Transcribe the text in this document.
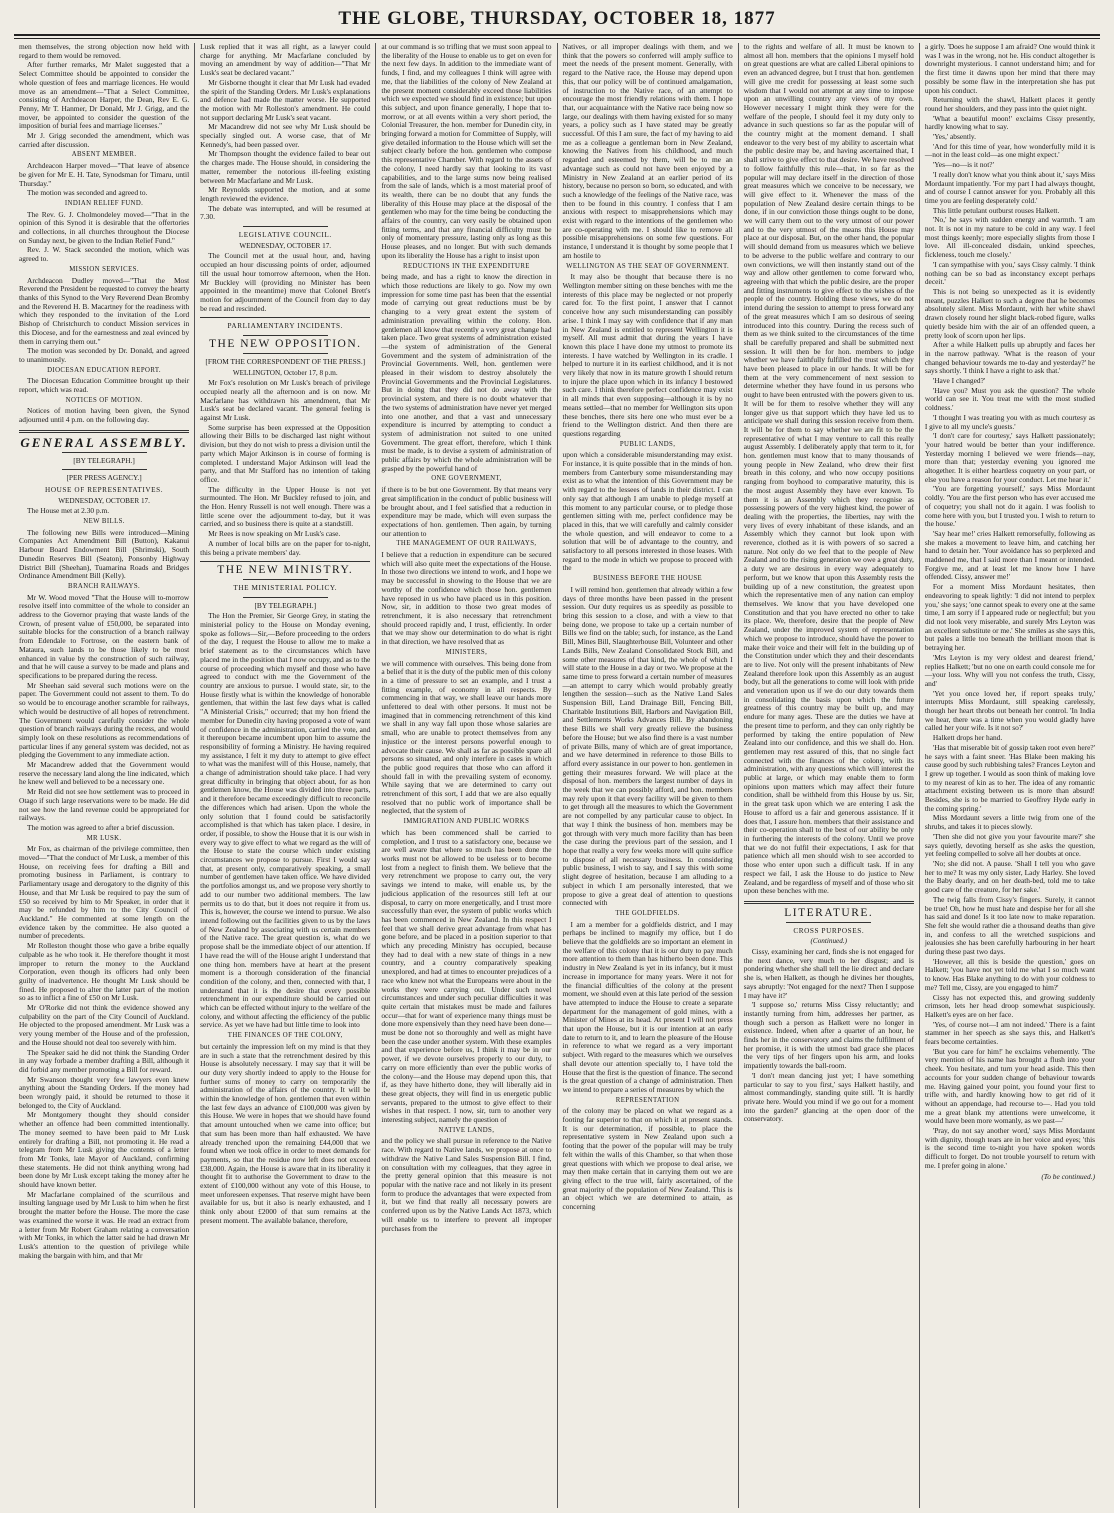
THE GLOBE, THURSDAY, OCTOBER 18, 1877

men themselves, the strong objection now held with regard to them would be removed.

After further remarks, Mr Malet suggested that a Select Committee should be appointed to consider the whole question of fees and marriage licences. He would move as an amendment—"That a Select Committee, consisting of Archdeacon Harper, the Dean, Rev E. G. Penny, Mr T. Hanmer, Dr Donald, Mr J. Grigg, and the mover, be appointed to consider the question of the imposition of burial fees and marriage licenses."

Mr J. Grigg seconded the amendment, which was carried after discussion.

ABSENT MEMBER.

Archdeacon Harper moved—"That leave of absence be given for Mr E. H. Tate, Synodsman for Timaru, until Thursday."

The motion was seconded and agreed to.

INDIAN RELIEF FUND.

The Rev. G. J. Cholmondeley moved—"That in the opinion of this Synod it is desirable that the offertories and collections, in all churches throughout the Diocese on Sunday next, be given to the Indian Relief Fund."

Rev. J. W. Stack seconded the motion, which was agreed to.

MISSION SERVICES.

Archdeacon Dudley moved—"That the Most Reverend the President be requested to convey the hearty thanks of this Synod to the Very Reverend Dean Bromby and the Reverend H. B. Macartney for the readiness with which they responded to the invitation of the Lord Bishop of Christchurch to conduct Mission services in this Diocese, and for the earnestness and zeal evinced by them in carrying them out."

The motion was seconded by Dr. Donald, and agreed to unanimously.

DIOCESAN EDUCATION REPORT.

The Diocesan Education Committee brought up their report, which was read.

NOTICES OF MOTION.

Notices of motion having been given, the Synod adjourned until 4 p.m. on the following day.

GENERAL ASSEMBLY.
[BY TELEGRAPH.]
[PER PRESS AGENCY.]
HOUSE OF REPRESENTATIVES.
WEDNESDAY, OCTOBER 17.

The House met at 2.30 p.m.

NEW BILLS.

The following new Bills were introduced—Mining Companies Act Amendment Bill (Button), Kakanui Harbour Board Endowment Bill (Shrimski), South Dunedin Reserves Bill (Seaton), Ponsonby Highway District Bill (Sheehan), Tuamarina Roads and Bridges Ordinance Amendment Bill (Kelly).

BRANCH RAILWAYS.

Mr W. Wood moved "That the House will to-morrow resolve itself into committee of the whole to consider an address to the Governor praying that waste lands of the Crown, of present value of £50,000, be separated into suitable blocks for the construction of a branch railway from Edendale to Fortrose, on the eastern bank of Mataura, such lands to be those likely to be most enhanced in value by the construction of such railway, and that he will cause a survey to be made and plans and specifications to be prepared during the recess.

Mr Sheehan said several such motions were on the paper. The Government could not assent to them. To do so would be to encourage another scramble for railways, which would be destructive of all hopes of retrenchment. The Government would carefully consider the whole question of branch railways during the recess, and would simply look on these resolutions as recommendations of particular lines if any general system was decided, not as pledging the Government to any immediate action.

Mr Macandrew added that the Government would reserve the necessary land along the line indicated, which he knew well and believed to be a necessary one.

Mr Reid did not see how settlement was to proceed in Otago if such large reservations were to be made. He did not see how the land revenue could be appropriated for railways.

The motion was agreed to after a brief discussion.

MR LUSK.

Mr Fox, as chairman of the privilege committee, then moved—"That the conduct of Mr Lusk, a member of this House, on receiving fees for drafting a Bill and promoting business in Parliament, is contrary to Parliamentary usage and derogatory to the dignity of this House, and that Mr Lusk be required to pay the sum of £50 so received by him to Mr Speaker, in order that it may be refunded by him to the City Council of Auckland." He commented at some length on the evidence taken by the committee. He also quoted a number of precedents.

Mr Rolleston thought those who gave a bribe equally culpable as he who took it. He therefore thought it most improper to return the money to the Auckland Corporation, even though its officers had only been guilty of inadvertence. He thought Mr Lusk should be fined. He proposed to alter the latter part of the motion so as to inflict a fine of £50 on Mr Lusk.

Mr O'Rorke did not think the evidence showed any culpability on the part of the City Council of Auckland. He objected to the proposed amendment. Mr Lusk was a very young member of the House and of the profession, and the House should not deal too severely with him.

The Speaker said he did not think the Standing Order in any way forbade a member drafting a Bill, although it did forbid any member promoting a Bill for reward.

Mr Swanson thought very few lawyers even knew anything about the Standing Orders. If the money had been wrongly paid, it should be returned to those it belonged to, the City of Auckland.

Mr Montgomery thought they should consider whether an offence had been committed intentionally. The money seemed to have been paid to Mr Lusk entirely for drafting a Bill, not promoting it. He read a telegram from Mr Lusk giving the contents of a letter from Mr Tonks, late Mayor of Auckland, confirming these statements. He did not think anything wrong had been done by Mr Lusk except taking the money after he should have known better.

Mr Macfarlane complained of the scurrilous and insulting language used by Mr Lusk to him when he first brought the matter before the House. The more the case was examined the worse it was. He read an extract from a letter from Mr Robert Graham relating a conversation with Mr Tonks, in which the latter said he had drawn Mr Lusk's attention to the question of privilege while making the bargain with him, and that Mr

Lusk replied that it was all right, as a lawyer could charge for anything. Mr Macfarlane concluded by moving an amendment by way of addition—"That Mr Lusk's seat be declared vacant."

Mr Gisborne thought it clear that Mr Lusk had evaded the spirit of the Standing Orders. Mr Lusk's explanations and defence had made the matter worse. He supported the motion with Mr Rolleston's amendment. He could not support declaring Mr Lusk's seat vacant.

Mr Macandrew did not see why Mr Lusk should be specially singled out. A worse case, that of Mr Kennedy's, had been passed over.

Mr Thompson thought the evidence failed to bear out the charges made. The House should, in considering the matter, remember the notorious ill-feeling existing between Mr Macfarlane and Mr Lusk.

Mr Reynolds supported the motion, and at some length reviewed the evidence.

The debate was interrupted, and will be resumed at 7.30.

LEGISLATIVE COUNCIL.
WEDNESDAY, OCTOBER 17.

The Council met at the usual hour, and, having occupied an hour discussing points of order, adjourned till the usual hour tomorrow afternoon, when the Hon. Mr Buckley will (providing no Minister has been appointed in the meantime) move that Colonel Brett's motion for adjournment of the Council from day to day be read and rescinded.

PARLIAMENTARY INCIDENTS.
THE NEW OPPOSITION.
[FROM THE CORRESPONDENT OF THE PRESS.]
WELLINGTON, October 17, 8 p.m.

Mr Fox's resolution on Mr Lusk's breach of privilege occupied nearly all the afternoon and is on now. Mr Macfarlane has withdrawn his amendment, that Mr Lusk's seat be declared vacant. The general feeling is against Mr Lusk.

Some surprise has been expressed at the Opposition allowing their Bills to be discharged last night without division, but they do not wish to press a division until the party which Major Atkinson is in course of forming is completed. I understand Major Atkinson will lead the party, and that Mr Stafford has no intention of taking office.

The difficulty in the Upper House is not yet surmounted. The Hon. Mr Buckley refused to join, and the Hon. Henry Russell is not well enough. There was a little scene over the adjournment to-day, but it was carried, and so business there is quite at a standstill.

Mr Rees is now speaking on Mr Lusk's case.

A number of local bills are on the paper for to-night, this being a private members' day.

THE NEW MINISTRY.
THE MINISTERIAL POLICY.
[BY TELEGRAPH.]

The Hon the Premier, Sir George Grey, in stating the ministerial policy to the House on Monday evening, spoke as follows—Sir,—Before proceeding to the orders of the day, I request the House to allow me to make a brief statement as to the circumstances which have placed me in the position that I now occupy, and as to the course of proceeding which myself and those who have agreed to conduct with me the Government of the country are anxious to pursue. I would state, sir, to the House firstly what is within the knowledge of honorable gentlemen, that within the last few days what is called "A Ministerial Crisis," occurred; that my hon friend the member for Dunedin city having proposed a vote of want of confidence in the administration, carried the vote, and it thereupon became incumbent upon him to assume the responsibility of forming a Ministry. He having required my assistance, I felt it my duty to attempt to give effect to what was the manifest will of this House, namely, that a change of administration should take place. I had very great difficulty in bringing that object about, for as hon gentlemen know, the House was divided into three parts, and it therefore became exceedingly difficult to reconcile the differences which had arisen. Upon the whole the only solution that I found could be satisfactorily accomplished is that which has taken place. I desire, in order, if possible, to show the House that it is our wish in every way to give effect to what we regard as the will of the House to state the course which under existing circumstances we propose to pursue. First I would say that, at present only, comparatively speaking, a small number of gentlemen have taken office. We have divided the portfolios amongst us, and we propose very shortly to add to our number two additional members. The law permits us to do that, but it does not require it from us. This is, however, the course we intend to pursue. We also intend following out the facilities given to us by the laws of New Zealand by associating with us certain members of the Native race. The great question is, what do we propose shall be the immediate object of our attention. If I have read the will of the House aright I understand that one thing hon. members have at heart at the present moment is a thorough consideration of the financial condition of the colony, and then, connected with that, I understand that it is the desire that every possible retrenchment in our expenditure should be carried out which can be effected without injury to the welfare of the colony, and without affecting the efficiency of the public service. As yet we have had but little time to look into

THE FINANCES OF THE COLONY,

but certainly the impression left on my mind is that they are in such a state that the retrenchment desired by this House is absolutely necessary. I may say that it will be our duty very shortly indeed to apply to the House for further sums of money to carry on temporarily the administration of the affairs of the country. It will be within the knowledge of hon. gentlemen that even within the last few days an advance of £100,000 was given by this House. We were in hopes that we should have found that amount untouched when we came into office; but that sum has been more than half exhausted. We have already trenched upon the remaining £44,000 that we found when we took office in order to meet demands for payments, so that the residue now left does not exceed £38,000. Again, the House is aware that in its liberality it thought fit to authorise the Government to draw to the extent of £100,000 without any vote of this House, to meet unforeseen expenses. That reserve might have been available for us, but it also is nearly exhausted, and I think only about £2000 of that sum remains at the present moment. The available balance, therefore,

at our command is so trifling that we must soon appeal to the liberality of the House to enable us to get on even for the next few days. In addition to the immediate want of funds, I find, and my colleagues I think will agree with me, that the liabilities of the colony of New Zealand at the present moment considerably exceed those liabilities which we expected we should find in existence; but upon this subject, and upon finance generally, I hope that to-morrow, or at all events within a very short period, the Colonial Treasurer, the hon. member for Dunedin city, in bringing forward a motion for Committee of Supply, will give detailed information to the House which will set the subject clearly before the hon. gentlemen who compose this representative Chamber. With regard to the assets of the colony, I need hardly say that looking to its vast capabilities, and to the large sums now being realised from the sale of lands, which is a most material proof of its wealth, there can be no doubt that any funds the liberality of this House may place at the disposal of the gentlemen who may for the time being be conducting the affairs of the country, can very easily be obtained upon fitting terms, and that any financial difficulty must be only of momentary pressure, lasting only as long as this House pleases, and no longer. But with such demands upon its liberality the House has a right to insist upon

REDUCTIONS IN THE EXPENDITURE

being made, and has a right to know the direction in which those reductions are likely to go. Now my own impression for some time past has been that the essential mode of carrying out great reductions must be by changing to a very great extent the system of administration prevailing within the colony. Hon. gentlemen all know that recently a very great change had taken place. Two great systems of administration existed—the system of administration of the General Government and the system of administration of the Provincial Governments. Well, hon. gentlemen were pleased in their wisdom to destroy absolutely the Provincial Governments and the Provincial Legislatures. But in doing that they did not do away with the provincial system, and there is no doubt whatever that the two systems of administration have never yet merged into one another, and that a vast and unnecessary expenditure is incurred by attempting to conduct a system of administration not suited to one united Government. The great effort, therefore, which I think must be made, is to devise a system of administration of public affairs by which the whole administration will be grasped by the powerful hand of

ONE GOVERNMENT,

if there is to be but one Government. By that means very great simplification in the conduct of public business will be brought about, and I feel satisfied that a reduction in expenditure may be made, which will even surpass the expectations of hon. gentlemen. Then again, by turning our attention to

THE MANAGEMENT OF OUR RAILWAYS,

I believe that a reduction in expenditure can be secured which will also quite meet the expectations of the House. In those two directions we intend to work, and I hope we may be successful in showing to the House that we are worthy of the confidence which those hon. gentlemen have reposed in us who have placed us in this position. Now, sir, in addition to those two great modes of retrenchment, it is also necessary that retrenchment should proceed rapidly and, I trust, efficiently. In order that we may show our determination to do what is right in that direction, we have resolved that as

MINISTERS,

we will commence with ourselves. This being done from a belief that it is the duty of the public men of this colony in a time of pressure to set an example, and I trust a fitting example, of economy in all respects. By commencing in that way, we shall leave our hands more unfettered to deal with other persons. It must not be imagined that in commencing retrenchment of this kind we shall in any way fall upon those whose salaries are small, who are unable to protect themselves from any injustice or the interest persons powerful enough to advocate their cause. We shall as far as possible spare all persons so situated, and only interfere in cases in which the public good requires that those who can afford it should fall in with the prevailing system of economy. While saying that we are determined to carry out retrenchment of this sort, I add that we are also equally resolved that no public work of importance shall be neglected, that the system of

IMMIGRATION AND PUBLIC WORKS

which has been commenced shall be carried to completion, and I trust to a satisfactory one, because we are well aware that where so much has been done the works must not be allowed to be useless or to become lost from a neglect to finish them. We believe that the very retrenchment we propose to carry out, the very savings we intend to make, will enable us, by the judicious application of the resources still left at our disposal, to carry on more energetically, and I trust more successfully than ever, the system of public works which has been commenced in New Zealand. In this respect I feel that we shall derive great advantage from what has gone before, and be placed in a position superior to that which any preceding Ministry has occupied, because they had to deal with a new state of things in a new country, and a country comparatively speaking unexplored, and had at times to encounter prejudices of a race who knew not what the Europeans were about in the works they were carrying out. Under such novel circumstances and under such peculiar difficulties it was quite certain that mistakes must be made and failures occur—that for want of experience many things must be done more expensively than they need have been done—must be done not so thoroughly and well as might have been the case under another system. With these examples and that experience before us, I think it may be in our power, if we devote ourselves properly to our duty, to carry on more efficiently than ever the public works of the colony—and the House may depend upon this, that if, as they have hitherto done, they will liberally aid in these great objects, they will find in us energetic public servants, prepared to the utmost to give effect to their wishes in that respect. I now, sir, turn to another very interesting subject, namely the question of

NATIVE LANDS,

and the policy we shall pursue in reference to the Native race. With regard to Native lands, we propose at once to withdraw the Native Land Sales Suspension Bill. I find, on consultation with my colleagues, that they agree in the pretty general opinion that this measure is not popular with the native race and not likely in its present form to produce the advantages that were expected from it, but we find that really all necessary powers are conferred upon us by the Native Lands Act 1873, which will enable us to interfere to prevent all improper purchases from the

Natives, or all improper dealings with them, and we think that the powers so conferred will amply suffice to meet the needs of the present moment. Generally, with regard to the Native race, the House may depend upon this, that our policy will be of continued amalgamation, of instruction to the Native race, of an attempt to encourage the most friendly relations with them. I hope that, our acquaintance with the Native race being now so large, our dealings with them having existed for so many years, a policy such as I have stated may be greatly successful. Of this I am sure, the fact of my having to aid me as a colleague a gentleman born in New Zealand, knowing the Natives from his childhood, and much regarded and esteemed by them, will be to me an advantage such as could not have been enjoyed by a Ministry in New Zealand at an earlier period of its history, because no person so born, so educated, and with such a knowledge of the feelings of the Native race, was then to be found in this country. I confess that I am anxious with respect to misapprehensions which may exist with regard to the intentions of the gentlemen who are co-operating with me. I should like to remove all possible misapprehensions on some few questions. For instance, I understand it is thought by some people that I am hostile to

WELLINGTON AS THE SEAT OF GOVERNMENT.

It may also be thought that because there is no Wellington member sitting on these benches with me the interests of this place may be neglected or not properly cared for. To the first point, I answer that I cannot conceive how any such misunderstanding can possibly arise. I think I may say with confidence that if any man in New Zealand is entitled to represent Wellington it is myself. All must admit that during the years I have known this place I have done my utmost to promote its interests. I have watched by Wellington in its cradle. I helped to nurture it in its earliest childhood, and it is not very likely that now in its mature growth I should return to injure the place upon which in its infancy I bestowed such care. I think therefore perfect confidence may exist in all minds that even supposing—although it is by no means settled—that no member for Wellington sits upon these benches, there sits here one who must ever be a friend to the Wellington district. And then there are questions regarding

PUBLIC LANDS,

upon which a considerable misunderstanding may exist. For instance, it is quite possible that in the minds of hon. members from Canterbury some misunderstanding may exist as to what the intention of this Government may be with regard to the lessees of lands in their district. I can only say that although I am unable to pledge myself at this moment to any particular course, or to pledge those gentlemen sitting with me, perfect confidence may be placed in this, that we will carefully and calmly consider the whole question, and will endeavor to come to a solution that will be of advantage to the country, and satisfactory to all persons interested in those leases. With regard to the mode in which we propose to proceed with the

BUSINESS BEFORE THE HOUSE

I will remind hon. gentlemen that already within a few days of three months have been passed in the present session. Our duty requires us as speedily as possible to bring this session to a close, and with a view to that being done, we propose to take up a certain number of Bills we find on the table; such, for instance, as the Land Bill, Mines Bill, Slaughterhouse Bill, Volunteer and other Lands Bills, New Zealand Consolidated Stock Bill, and some other measures of that kind, the whole of which I will state to the House in a day or two. We propose at the same time to press forward a certain number of measures—an attempt to carry which would probably greatly lengthen the session—such as the Native Land Sales Suspension Bill, Land Drainage Bill, Fencing Bill, Charitable Institutions Bill, Harbors and Navigation Bill, and Settlements Works Advances Bill. By abandoning these Bills we shall very greatly relieve the business before the House; but we also find there is a vast number of private Bills, many of which are of great importance, and we have determined in reference to those Bills to afford every assistance in our power to hon. gentlemen in getting their measures forward. We will place at the disposal of hon. members the largest number of days in the week that we can possibly afford, and hon. members may rely upon it that every facility will be given to them to get through all the measures to which the Government are not compelled by any particular cause to object. In that way I think the business of hon. members may be got through with very much more facility than has been the case during the previous part of the session, and I hope that really a very few weeks more will quite suffice to dispose of all necessary business. In considering public business, I wish to say, and I say this with some slight degree of hesitation, because I am alluding to a subject in which I am personally interested, that we propose to give a great deal of attention to questions connected with

THE GOLDFIELDS.

I am a member for a goldfields district, and I may perhaps be inclined to magnify my office, but I do believe that the goldfields are so important an element in the welfare of this colony that it is our duty to pay much more attention to them than has hitherto been done. This industry in New Zealand is yet in its infancy, but it must increase in importance for many years. Were it not for the financial difficulties of the colony at the present moment, we should even at this late period of the session have attempted to induce the House to create a separate department for the management of gold mines, with a Minister of Mines at its head. At present I will not press that upon the House, but it is our intention at an early date to return to it, and to learn the pleasure of the House in reference to what we regard as a very important subject. With regard to the measures which we ourselves shall devote our attention specially to, I have told the House that the first is the question of finance. The second is the great question of a change of administration. Then we intend to prepare a series of measures by which the

REPRESENTATION

of the colony may be placed on what we regard as a footing far superior to that on which it at present stands. It is our determination, if possible, to place the representative system in New Zealand upon such a footing that the power of the popular will may be truly felt within the walls of this Chamber, so that when those great questions with which we propose to deal arise, we may then make certain that in carrying them out we are giving effect to the true will, fairly ascertained, of the great majority of the population of New Zealand. This is an object which we are determined to attain, as concerning

to the rights and welfare of all. It must be known to almost all hon. members that the opinions I myself hold on great questions are what are called Liberal opinions to even an advanced degree, but I trust that hon. gentlemen will give me credit for possessing at least some such wisdom that I would not attempt at any time to impose upon an unwilling country any views of my own. However necessary I might think they were for the welfare of the people, I should feel it my duty only to advance in such questions so far as the popular will of the country might at the moment demand. I shall endeavor to the very best of my ability to ascertain what the public desire may be, and having ascertained that, I shall strive to give effect to that desire. We have resolved to follow faithfully this rule—that, in so far as the popular will may declare itself in the direction of those great measures which we conceive to be necessary, we will give effect to it. Whenever the mass of the population of New Zealand desire certain things to be done, if in our conviction those things ought to be done, we will carry them out to the very utmost of our power and to the very utmost of the means this House may place at our disposal. But, on the other hand, the popular will should demand from us measures which we believe to be adverse to the public welfare and contrary to our own convictions, we will then instantly stand out of the way and allow other gentlemen to come forward who, agreeing with that which the public desire, are the proper and fitting instruments to give effect to the wishes of the people of the country. Holding these views, we do not intend during the session to attempt to press forward any of the great measures which I am so desirous of seeing introduced into this country. During the recess such of them as we think suited to the circumstances of the time shall be carefully prepared and shall be submitted next session. It will then be for hon. members to judge whether we have faithfully fulfilled the trust which they have been pleased to place in our hands. It will be for them at the very commencement of next session to determine whether they have found in us persons who ought to have been entrusted with the powers given to us. It will be for them to resolve whether they will any longer give us that support which they have led us to anticipate we shall during this session receive from them. It will be for them to say whether we are fit to be the representative of what I may venture to call this really august Assembly. I deliberately apply that term to it, for hon. gentlemen must know that to many thousands of young people in New Zealand, who drew their first breath in this colony, and who now occupy positions ranging from boyhood to comparative maturity, this is the most august Assembly they have ever known. To them it is an Assembly which they recognise as possessing powers of the very highest kind, the power of dealing with the properties, the liberties, nay with the very lives of every inhabitant of these islands, and an Assembly which they cannot but look upon with reverence, clothed as it is with powers of so sacred a nature. Not only do we feel that to the people of New Zealand and to the rising generation we owe a great duty, a duty we are desirous in every way adequately to perform, but we know that upon this Assembly rests the building up of a new constitution, the greatest upon which the representative men of any nation can employ themselves. We know that you have developed one Constitution and that you have erected no other to take its place. We, therefore, desire that the people of New Zealand, under the improved system of representation which we propose to introduce, should have the power to make their voice and their will felt in the building up of the Constitution under which they and their descendants are to live. Not only will the present inhabitants of New Zealand therefore look upon this Assembly as an august body, but all the generations to come will look with pride and veneration upon us if we do our duty towards them in consolidating the basis upon which the future greatness of this country may be built up, and may endure for many ages. These are the duties we have at the present time to perform, and they can only rightly be performed by taking the entire population of New Zealand into our confidence, and this we shall do. Hon. gentlemen may rest assured of this, that no single fact connected with the finances of the colony, with its administration, with any questions which will interest the public at large, or which may enable them to form opinions upon matters which may affect their future condition, shall be withheld from this House by us. Sir, in the great task upon which we are entering I ask the House to afford us a fair and generous assistance. If it does that, I assure hon. members that their assistance and their co-operation shall to the best of our ability be only in furthering the interests of the colony. Until we prove that we do not fulfil their expectations, I ask for that patience which all men should wish to see accorded to those who enter upon such a difficult task. If in any respect we fail, I ask the House to do justice to New Zealand, and be regardless of myself and of those who sit upon these benches with me.

LITERATURE.
CROSS PURPOSES.
(Continued.)

Cissy, examining her card, finds she is not engaged for the next dance, very much to her disgust; and is pondering whether she shall tell the lie direct and declare she is, when Halkett, as though he divines her thoughts, says abruptly: 'Not engaged for the next? Then I suppose I may have it?'

'I suppose so,' returns Miss Cissy reluctantly; and instantly turning from him, addresses her partner, as though such a person as Halkett were no longer in existence. Indeed, when after a quarter of an hour, he finds her in the conservatory and claims the fulfilment of her promise, it is with the utmost bad grace she places the very tips of her fingers upon his arm, and looks impatiently towards the ball-room.

'I don't mean dancing just yet; I have something particular to say to you first,' says Halkett hastily, and almost commandingly, standing quite still. 'It is hardly private here. Would you mind if we go out for a moment into the garden?' glancing at the open door of the conservatory.

a girly. 'Does he suppose I am afraid? One would think it was I was in the wrong, not he. His conduct altogether is downright mysterious. I cannot understand him; and for the first time it dawns upon her mind that there may possibly be some flaw in the interpretation she has put upon his conduct.

Returning with the shawl, Halkett places it gently round her shoulders, and they pass into the quiet night.

'What a beautiful moon!' exclaims Cissy presently, hardly knowing what to say.

'Yes,' absently.

'And for this time of year, how wonderfully mild it is—not in the least cold—as one might expect.'

'Yes—no—is it not?'

'I really don't know what you think about it,' says Miss Mordaunt impatiently. 'For my part I had always thought, and of course I cannot answer for you. Probably all this time you are feeling desperately cold.'

This little petulant outburst rouses Halkett.

'No,' he says with sudden energy and warmth. 'I am not. It is not in my nature to be cold in any way. I feel most things keenly; more especially slights from those I love. All ill-concealed disdain, unkind speeches, fickleness, touch me closely.'

'I can sympathise with you,' says Cissy calmly. 'I think nothing can be so bad as inconstancy except perhaps deceit.'

This is not being so unexpected as it is evidently meant, puzzles Halkett to such a degree that he becomes absolutely silent. Miss Mordaunt, with her white shawl drawn closely round her slight black-robed figure, walks quietly beside him with the air of an offended queen, a pretty look of scorn upon her lips.

After a while Halkett pulls up abruptly and faces her in the narrow pathway. 'What is the reason of your changed behaviour towards me to-day and yesterday?' he says shortly. 'I think I have a right to ask that.'

'Have I changed?'

'Have you? Must you ask the question? The whole world can see it. You treat me with the most studied coldness.'

'I thought I was treating you with as much courtesy as I give to all my uncle's guests.'

'I don't care for courtesy,' says Halkett passionately; 'your hatred would be better than your indifference. Yesterday morning I believed we were friends—nay, more than that; yesterday evening you ignored me altogether. It is either heartless coquetry on your part, or else you have a reason for your conduct. Let me hear it.'

'You are forgetting yourself,' says Miss Mordaunt coldly. 'You are the first person who has ever accused me of coquetry; you shall not do it again. I was foolish to come here with you, but I trusted you. I wish to return to the house.'

'Say hear me!' cries Halkett remorsefully, following as she makes a movement to leave him, and catching her hand to detain her. 'Your avoidance has so perplexed and maddened me, that I said more than I meant or intended. Forgive me, and at least let me know how I have offended. Cissy, answer me!'

For a moment Miss Mordaunt hesitates, then endeavoring to speak lightly: 'I did not intend to perplex you,' she says; 'one cannot speak to every one at the same time, I am sorry if I appeared rude or neglectful; but you did not look very miserable, and surely Mrs Leyton was an excellent substitute or me.' She smiles as she says this, but pales a little too beneath the brilliant moon that is betraying her.

'Mrs Leyton is my very oldest and dearest friend,' replies Halkett; 'but no one on earth could console me for—your loss. Why will you not confess the truth, Cissy, and'

'Yet you once loved her, if report speaks truly,' interrupts Miss Mordaunt, still speaking carelessly, though her heart throbs out beneath her control. 'In India we hear, there was a time when you would gladly have called her your wife. Is it not so?'

Halkett drops her hand.

'Has that miserable bit of gossip taken root even here?' he says with a faint sneer. 'Has Blake been making his cause good by such rubbishing tales? Frances Leyton and I grew up together. I would as soon think of making love to my nearest of kin as to her. The idea of any romantic attachment existing between us is more than absurd! Besides, she is to be married to Geoffrey Hyde early in the coming spring.'

Miss Mordaunt severs a little twig from one of the shrubs, and takes it to pieces slowly.

'Then she did not give you your favourite mare?' she says quietly, devoting herself as she asks the question, yet feeling compelled to solve all her doubts at once.

'No; she did not. A pause. 'Shall I tell you who gave her to me? It was my only sister, Lady Harley. She loved the Baby dearly, and on her death-bed, told me to take good care of the creature, for her sake.'

The twig falls from Cissy's fingers. Surely, it cannot be true! Oh, how he must hate and despise her for all she has said and done! Is it too late now to make reparation. She felt she would rather die a thousand deaths than give in, and confess to all the wretched suspicions and jealousies she has been carefully harbouring in her heart during these past two days.

'However, all this is beside the question,' goes on Halkett; 'you have not yet told me what I so much want to know. Has Blake anything to do with your coldness to me? Tell me, Cissy, are you engaged to him?'

Cissy has not expected this, and growing suddenly crimson, lets her head droop somewhat suspiciously. Halkett's eyes are on her face.

'Yes, of course not—I am not indeed.' There is a faint stammer in her speech as she says this, and Halkett's fears become certainties.

'But you care for him!' he exclaims vehemently. 'The very mention of his name has brought a flush into your cheek. You hesitate, and turn your head aside. This then accounts for your sudden change of behaviour towards me. Having gained your point, you found your first to trifle with, and hardly knowing how to get rid of it without an appendage, had recourse to—. Had you told me a great blank my attentions were unwelcome, it would have been more womanly, as we past—'

'Pray, do not say another word,' says Miss Mordaunt with dignity, though tears are in her voice and eyes; 'this is the second time to-night you have spoken words difficult to forget. Do not trouble yourself to return with me. I prefer going in alone.'

(To be continued.)
